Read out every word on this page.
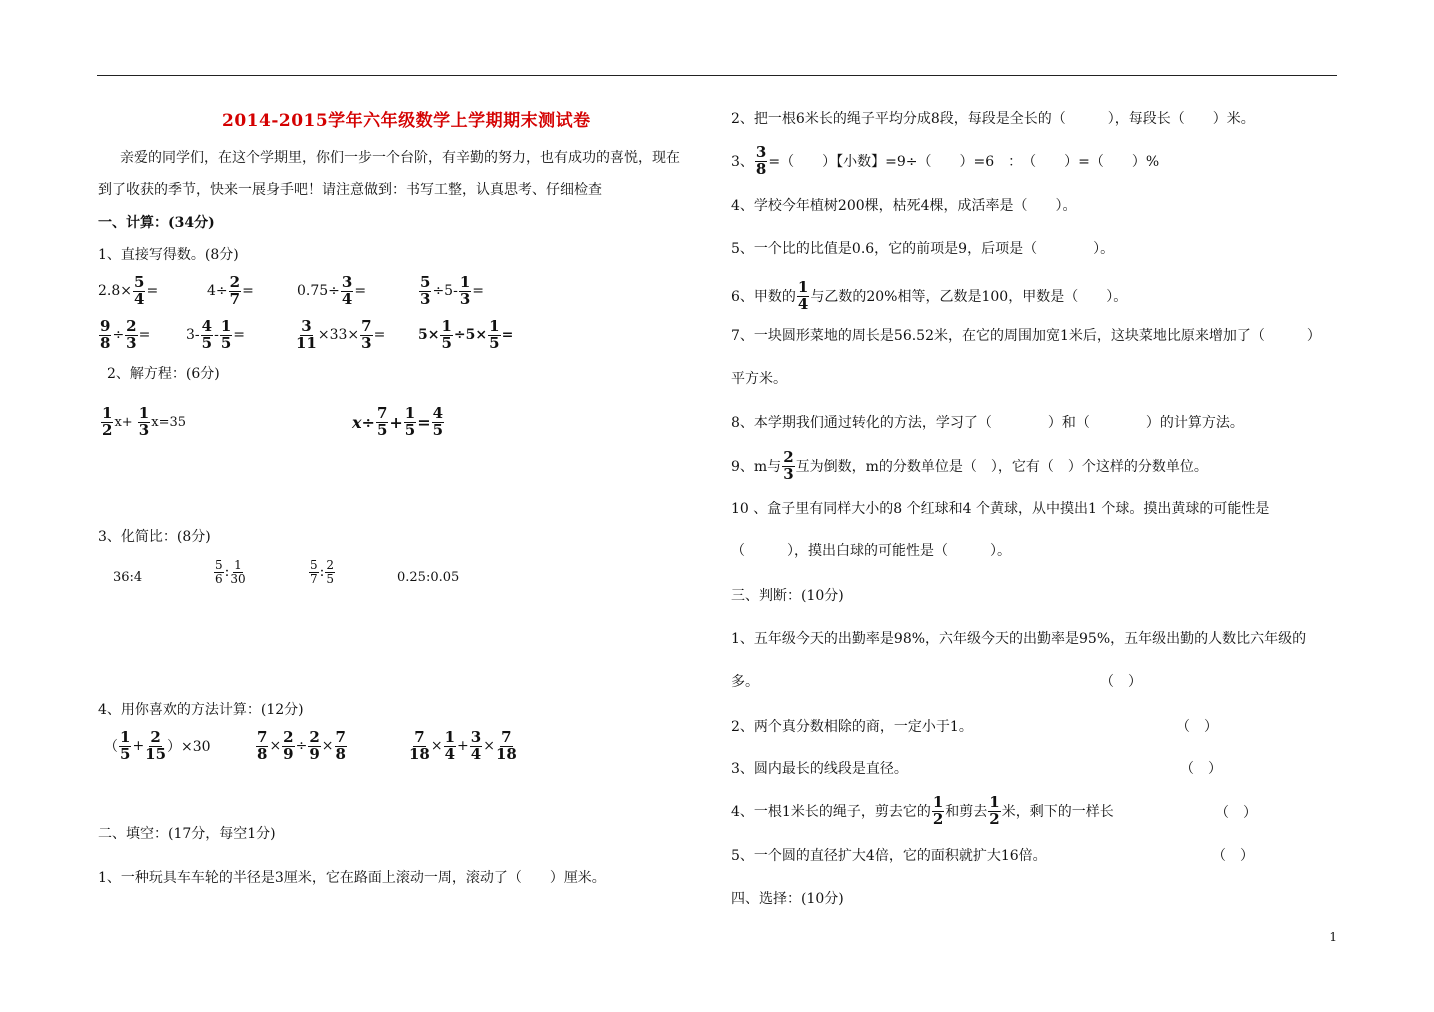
2014-2015学年六年级数学上学期期末测试卷
亲爱的同学们，在这个学期里，你们一步一个台阶，有辛勤的努力，也有成功的喜悦，现在
到了收获的季节，快来一展身手吧！请注意做到：书写工整，认真思考、仔细检查
一、计算：(34分)
1、直接写得数。(8分)
$2.8\times \frac{5}{4}$ =	$4\div \frac{2}{7}$ =	$0.75\div \frac{3}{4}$ =	$\frac{5}{3} \div 5- \frac{1}{3}$ =
$\frac{9}{8} \div \frac{2}{3}$ =	$3- \frac{4}{5} - \frac{1}{5}$ =	$\frac{3}{11} \times 33\times \frac{7}{3} = 5\times \frac{1}{5} \div 5\times \frac{1}{5}$ =
2、解方程：(6分)
$\frac{1}{2} x+ \frac{1}{3} x=35$	$x \div \frac{7}{5} + \frac{1}{5} = \frac{4}{5}$
3、化简比：(8分)
36:4	$\frac{5}{6}$ : $\frac{1}{30}$	$\frac{5}{7}$ : $\frac{2}{5}$	0.25:0.05
4、用你喜欢的方法计算：(12分)
（ $\frac{1}{5} + \frac{2}{15} )\times 30$	$\frac{7}{8} \times \frac{2}{9} \div \frac{2}{9} \times \frac{7}{8}$	$\frac{7}{18} \times \frac{1}{4} + \frac{3}{4} \times \frac{7}{18}$
二、填空：(17分，每空1分)
1、一种玩具车车轮的半径是3厘米，它在路面上滚动一周，滚动了（　　）厘米。
2、把一根6米长的绳子平均分成8段，每段是全长的（　　　），每段长（　　）米。
3、 $\frac{3}{8}$ =（　　）【小数】=9÷（　　）=6　：　（　　）=（　　）%
4、学校今年植树200棵，枯死4棵，成活率是（　　）。
5、一个比的比值是0.6，它的前项是9，后项是（　　　　）。
6、甲数的 $\frac{1}{4}$ 与乙数的20%相等，乙数是100，甲数是（　　）。
7、一块圆形菜地的周长是56.52米，在它的周围加宽1米后，这块菜地比原来增加了（　　　）
平方米。
8、本学期我们通过转化的方法，学习了（　　　　）和（　　　　）的计算方法。
9、m与 $\frac{2}{3}$ 互为倒数，m的分数单位是（　），它有（　）个这样的分数单位。
10 、盒子里有同样大小的8 个红球和4 个黄球，从中摸出1 个球。摸出黄球的可能性是
（　　　），摸出白球的可能性是（　　　）。
三、判断：(10分)
1、五年级今天的出勤率是98%，六年级今天的出勤率是95%，五年级出勤的人数比六年级的
多。	（　）
2、两个真分数相除的商，一定小于1。	（　）
3、圆内最长的线段是直径。	（　）
4、一根1米长的绳子，剪去它的 $\frac{1}{2}$ 和剪去 $\frac{1}{2}$ 米，剩下的一样长	（　）
5、一个圆的直径扩大4倍，它的面积就扩大16倍。	（　）
四、选择：(10分)
1
